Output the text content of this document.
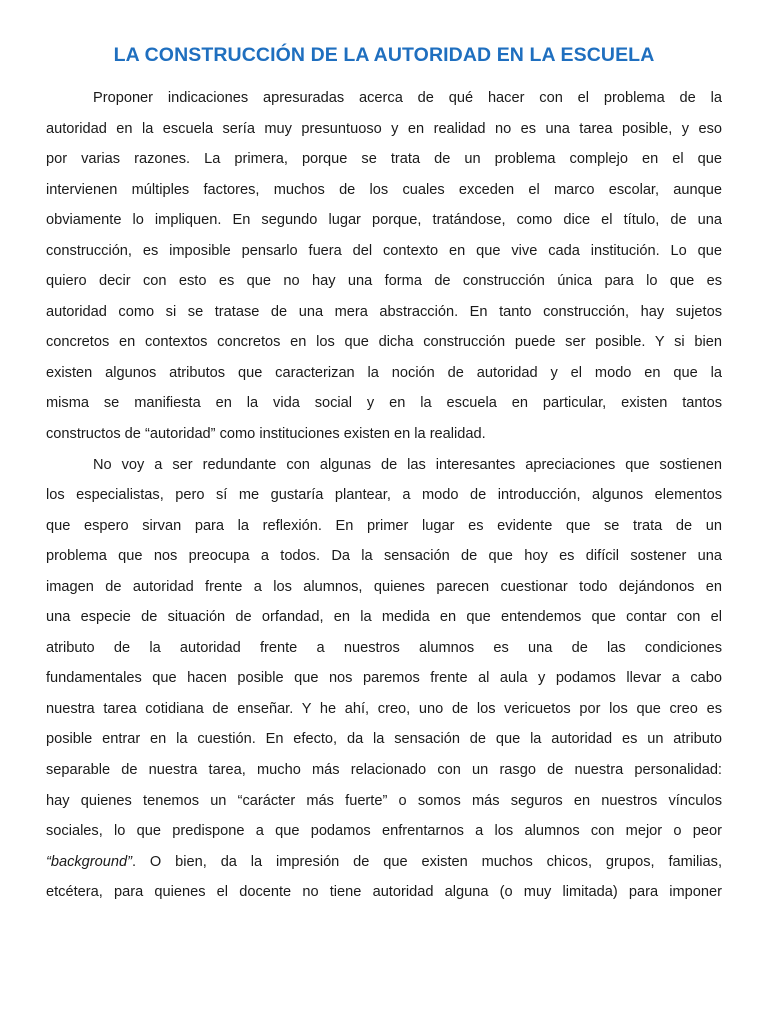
LA CONSTRUCCIÓN DE LA AUTORIDAD EN LA ESCUELA
Proponer indicaciones apresuradas acerca de qué hacer con el problema de la
autoridad en la escuela sería muy presuntuoso y en realidad no es una tarea posible, y eso
por varias razones. La primera, porque se trata de un problema complejo en el que
intervienen múltiples factores, muchos de los cuales exceden el marco escolar, aunque
obviamente lo impliquen. En segundo lugar porque, tratándose, como dice el título, de una
construcción, es imposible pensarlo fuera del contexto en que vive cada institución. Lo que
quiero decir con esto es que no hay una forma de construcción única para lo que es
autoridad como si se tratase de una mera abstracción. En tanto construcción, hay sujetos
concretos en contextos concretos en los que dicha construcción puede ser posible. Y si bien
existen algunos atributos que caracterizan la noción de autoridad y el modo en que la
misma se manifiesta en la vida social y en la escuela en particular, existen tantos
constructos de “autoridad” como instituciones existen en la realidad.
No voy a ser redundante con algunas de las interesantes apreciaciones que sostienen
los especialistas, pero sí me gustaría plantear, a modo de introducción, algunos elementos
que espero sirvan para la reflexión. En primer lugar es evidente que se trata de un
problema que nos preocupa a todos. Da la sensación de que hoy es difícil sostener una
imagen de autoridad frente a los alumnos, quienes parecen cuestionar todo dejándonos en
una especie de situación de orfandad, en la medida en que entendemos que contar con el
atributo de la autoridad frente a nuestros alumnos es una de las condiciones
fundamentales que hacen posible que nos paremos frente al aula y podamos llevar a cabo
nuestra tarea cotidiana de enseñar. Y he ahí, creo, uno de los vericuetos por los que creo es
posible entrar en la cuestión. En efecto, da la sensación de que la autoridad es un atributo
separable de nuestra tarea, mucho más relacionado con un rasgo de nuestra personalidad:
hay quienes tenemos un “carácter más fuerte” o somos más seguros en nuestros vínculos
sociales, lo que predispone a que podamos enfrentarnos a los alumnos con mejor o peor
“background”. O bien, da la impresión de que existen muchos chicos, grupos, familias,
etcétera, para quienes el docente no tiene autoridad alguna (o muy limitada) para imponer
